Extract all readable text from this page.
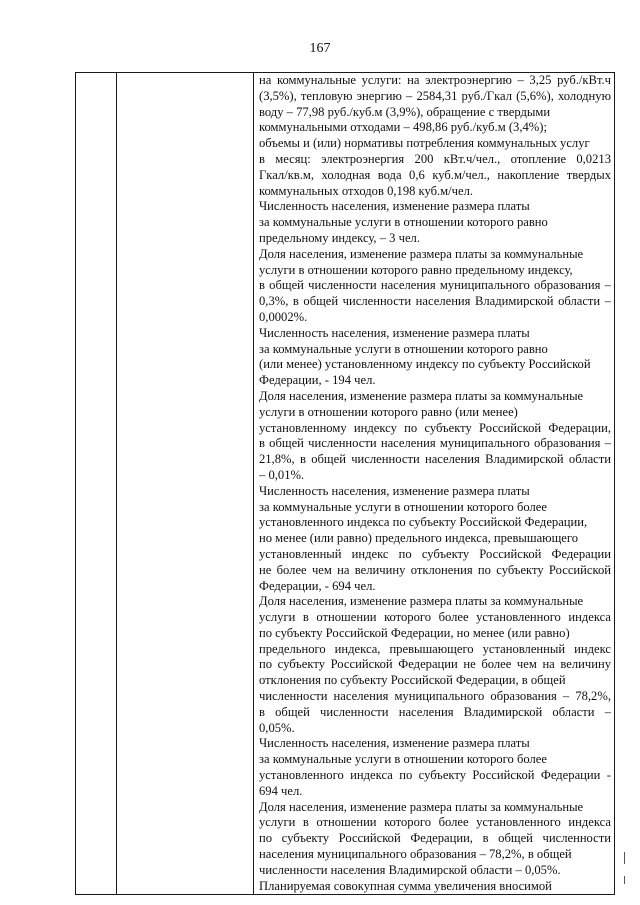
167

на коммунальные услуги: на электроэнергию – 3,25 руб./кВт.ч
(3,5%), тепловую энергию – 2584,31 руб./Гкал (5,6%), холодную
воду – 77,98 руб./куб.м (3,9%), обращение с твердыми
коммунальными отходами – 498,86 руб./куб.м (3,4%);
объемы и (или) нормативы потребления коммунальных услуг
в месяц: электроэнергия 200 кВт.ч/чел., отопление 0,0213
Гкал/кв.м, холодная вода 0,6 куб.м/чел., накопление твердых
коммунальных отходов 0,198 куб.м/чел.
Численность населения, изменение размера платы
за коммунальные услуги в отношении которого равно
предельному индексу, – 3 чел.
Доля населения, изменение размера платы за коммунальные
услуги в отношении которого равно предельному индексу,
в общей численности населения муниципального образования –
0,3%, в общей численности населения Владимирской области –
0,0002%.
Численность населения, изменение размера платы
за коммунальные услуги в отношении которого равно
(или менее) установленному индексу по субъекту Российской
Федерации, - 194 чел.
Доля населения, изменение размера платы за коммунальные
услуги в отношении которого равно (или менее)
установленному индексу по субъекту Российской Федерации,
в общей численности населения муниципального образования –
21,8%, в общей численности населения Владимирской области
– 0,01%.
Численность населения, изменение размера платы
за коммунальные услуги в отношении которого более
установленного индекса по субъекту Российской Федерации,
но менее (или равно) предельного индекса, превышающего
установленный индекс по субъекту Российской Федерации
не более чем на величину отклонения по субъекту Российской
Федерации, - 694 чел.
Доля населения, изменение размера платы за коммунальные
услуги в отношении которого более установленного индекса
по субъекту Российской Федерации, но менее (или равно)
предельного индекса, превышающего установленный индекс
по субъекту Российской Федерации не более чем на величину
отклонения по субъекту Российской Федерации, в общей
численности населения муниципального образования – 78,2%,
в общей численности населения Владимирской области –
0,05%.
Численность населения, изменение размера платы
за коммунальные услуги в отношении которого более
установленного индекса по субъекту Российской Федерации -
694 чел.
Доля населения, изменение размера платы за коммунальные
услуги в отношении которого более установленного индекса
по субъекту Российской Федерации, в общей численности
населения муниципального образования – 78,2%, в общей
численности населения Владимирской области – 0,05%.
Планируемая совокупная сумма увеличения вносимой
